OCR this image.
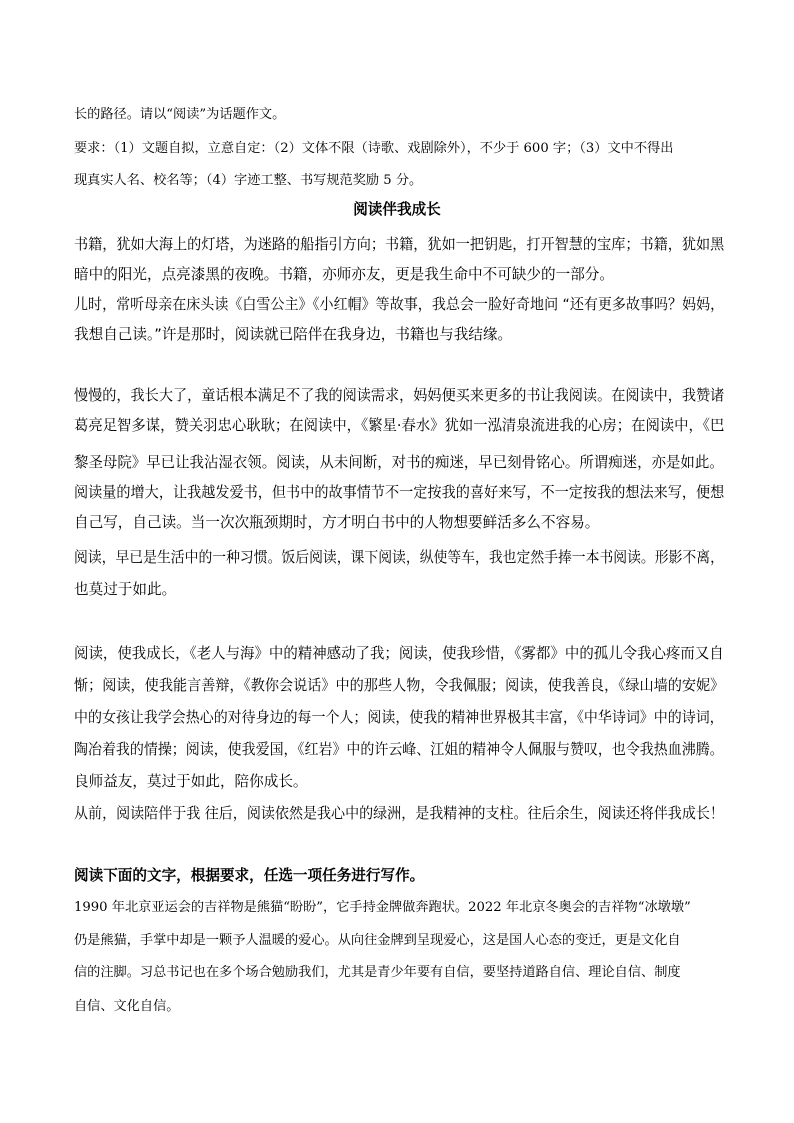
长的路径。请以“阅读”为话题作文。
要求：（1）文题自拟，立意自定：（2）文体不限（诗歌、戏剧除外），不少于 600 字；（3）文中不得出
现真实人名、校名等；（4）字迹工整、书写规范奖励 5 分。
阅读伴我成长
书籍，犹如大海上的灯塔，为迷路的船指引方向；书籍，犹如一把钥匙，打开智慧的宝库；书籍，犹如黑
暗中的阳光，点亮漆黑的夜晚。书籍，亦师亦友，更是我生命中不可缺少的一部分。
儿时，常听母亲在床头读《白雪公主》《小红帽》等故事，我总会一脸好奇地问 “还有更多故事吗？妈妈，
我想自己读。”许是那时，阅读就已陪伴在我身边，书籍也与我结缘。
慢慢的，我长大了，童话根本满足不了我的阅读需求，妈妈便买来更多的书让我阅读。在阅读中，我赞诸
葛亮足智多谋，赞关羽忠心耿耿；在阅读中，《繁星·春水》犹如一泓清泉流进我的心房；在阅读中，《巴
黎圣母院》早已让我沾湿衣领。阅读，从未间断，对书的痴迷，早已刻骨铭心。所谓痴迷，亦是如此。
阅读量的增大，让我越发爱书，但书中的故事情节不一定按我的喜好来写，不一定按我的想法来写，便想
自己写，自己读。当一次次瓶颈期时，方才明白书中的人物想要鲜活多么不容易。
阅读，早已是生活中的一种习惯。饭后阅读，课下阅读，纵使等车，我也定然手捧一本书阅读。形影不离，
也莫过于如此。
阅读，使我成长，《老人与海》中的精神感动了我；阅读，使我珍惜，《雾都》中的孤儿令我心疼而又自
惭；阅读，使我能言善辩，《教你会说话》中的那些人物，令我佩服；阅读，使我善良，《绿山墙的安妮》
中的女孩让我学会热心的对待身边的每一个人；阅读，使我的精神世界极其丰富，《中华诗词》中的诗词，
陶冶着我的情操；阅读，使我爱国，《红岩》中的许云峰、江姐的精神令人佩服与赞叹，也令我热血沸腾。
良师益友，莫过于如此，陪你成长。
从前，阅读陪伴于我 往后，阅读依然是我心中的绿洲，是我精神的支柱。往后余生，阅读还将伴我成长！
阅读下面的文字，根据要求，任选一项任务进行写作。
1990 年北京亚运会的吉祥物是熊猫“盼盼”，它手持金牌做奔跑状。2022 年北京冬奥会的吉祥物“冰墩墩”
仍是熊猫，手掌中却是一颗予人温暖的爱心。从向往金牌到呈现爱心，这是国人心态的变迁，更是文化自
信的注脚。习总书记也在多个场合勉励我们，尤其是青少年要有自信，要坚持道路自信、理论自信、制度
自信、文化自信。
